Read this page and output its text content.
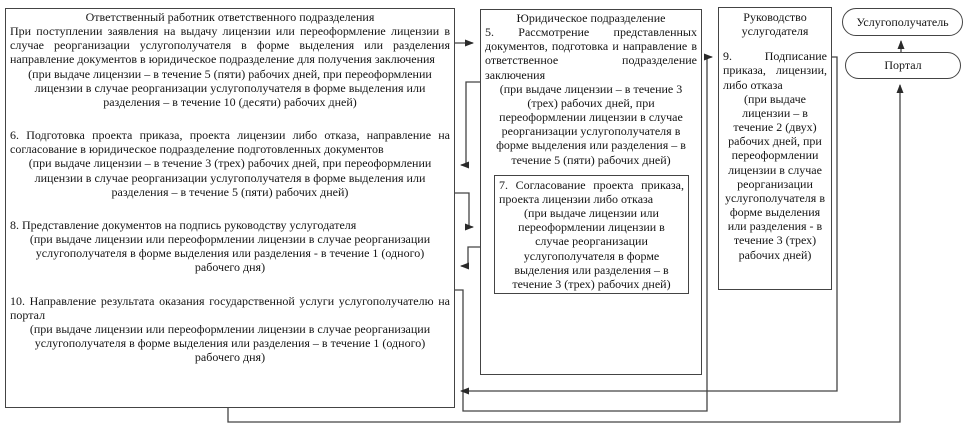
Ответственный работник ответственного подразделения
При поступлении заявления на выдачу лицензии или переоформление лицензии в случае реорганизации услугополучателя в форме выделения или разделения направление документов в юридическое подразделение для получения заключения
(при выдаче лицензии – в течение 5 (пяти) рабочих дней, при переоформлении лицензии в случае реорганизации услугополучателя в форме выделения или разделения – в течение 10 (десяти) рабочих дней)
6. Подготовка проекта приказа, проекта лицензии либо отказа, направление на согласование в юридическое подразделение подготовленных документов
(при выдаче лицензии – в течение 3 (трех) рабочих дней, при переоформлении лицензии в случае реорганизации услугополучателя в форме выделения или разделения – в течение 5 (пяти) рабочих дней)
8. Представление документов на подпись руководству услугодателя
(при выдаче лицензии или переоформлении лицензии в случае реорганизации услугополучателя в форме выделения или разделения - в течение 1 (одного) рабочего дня)
10. Направление результата оказания государственной услуги услугополучателю на портал
(при выдаче лицензии или переоформлении лицензии в случае реорганизации услугополучателя в форме выделения или разделения – в течение 1 (одного) рабочего дня)
Юридическое подразделение
5. Рассмотрение представленных документов, подготовка и направление в ответственное подразделение заключения
(при выдаче лицензии – в течение 3 (трех) рабочих дней, при переоформлении лицензии в случае реорганизации услугополучателя в форме выделения или разделения – в течение 5 (пяти) рабочих дней)
7. Согласование проекта приказа, проекта лицензии либо отказа
(при выдаче лицензии или переоформлении лицензии в случае реорганизации услугополучателя в форме выделения или разделения – в течение 3 (трех) рабочих дней)
Руководство услугодателя
9. Подписание приказа, лицензии, либо отказа
(при выдаче лицензии – в течение 2 (двух) рабочих дней, при переоформлении лицензии в случае реорганизации услугополучателя в форме выделения или разделения - в течение 3 (трех) рабочих дней)
Услугополучатель
Портал
